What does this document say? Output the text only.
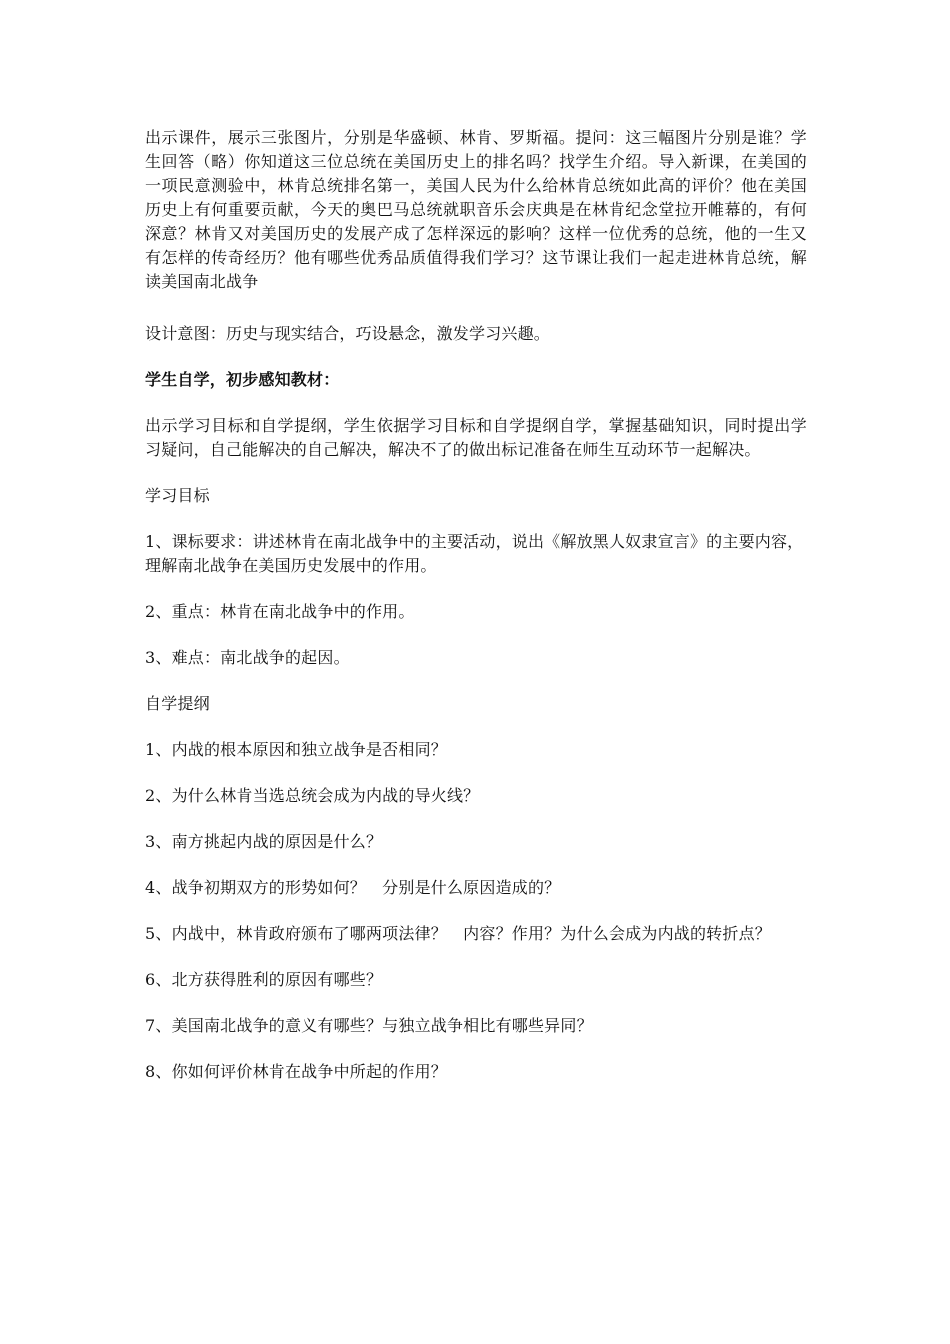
出示课件，展示三张图片，分别是华盛顿、林肯、罗斯福。提问：这三幅图片分别是谁？学生回答（略）你知道这三位总统在美国历史上的排名吗？找学生介绍。导入新课，在美国的一项民意测验中，林肯总统排名第一，美国人民为什么给林肯总统如此高的评价？他在美国历史上有何重要贡献，今天的奥巴马总统就职音乐会庆典是在林肯纪念堂拉开帷幕的，有何深意？林肯又对美国历史的发展产成了怎样深远的影响？这样一位优秀的总统，他的一生又有怎样的传奇经历？他有哪些优秀品质值得我们学习？这节课让我们一起走进林肯总统，解读美国南北战争

设计意图：历史与现实结合，巧设悬念，激发学习兴趣。

学生自学，初步感知教材：

出示学习目标和自学提纲，学生依据学习目标和自学提纲自学，掌握基础知识，同时提出学习疑问，自己能解决的自己解决，解决不了的做出标记准备在师生互动环节一起解决。

学习目标

1、课标要求：讲述林肯在南北战争中的主要活动，说出《解放黑人奴隶宣言》的主要内容，理解南北战争在美国历史发展中的作用。

2、重点：林肯在南北战争中的作用。

3、难点：南北战争的起因。

自学提纲

1、内战的根本原因和独立战争是否相同？

2、为什么林肯当选总统会成为内战的导火线？

3、南方挑起内战的原因是什么？

4、战争初期双方的形势如何？　分别是什么原因造成的？

5、内战中，林肯政府颁布了哪两项法律？　内容？作用？为什么会成为内战的转折点？

6、北方获得胜利的原因有哪些？

7、美国南北战争的意义有哪些？与独立战争相比有哪些异同？

8、你如何评价林肯在战争中所起的作用？
